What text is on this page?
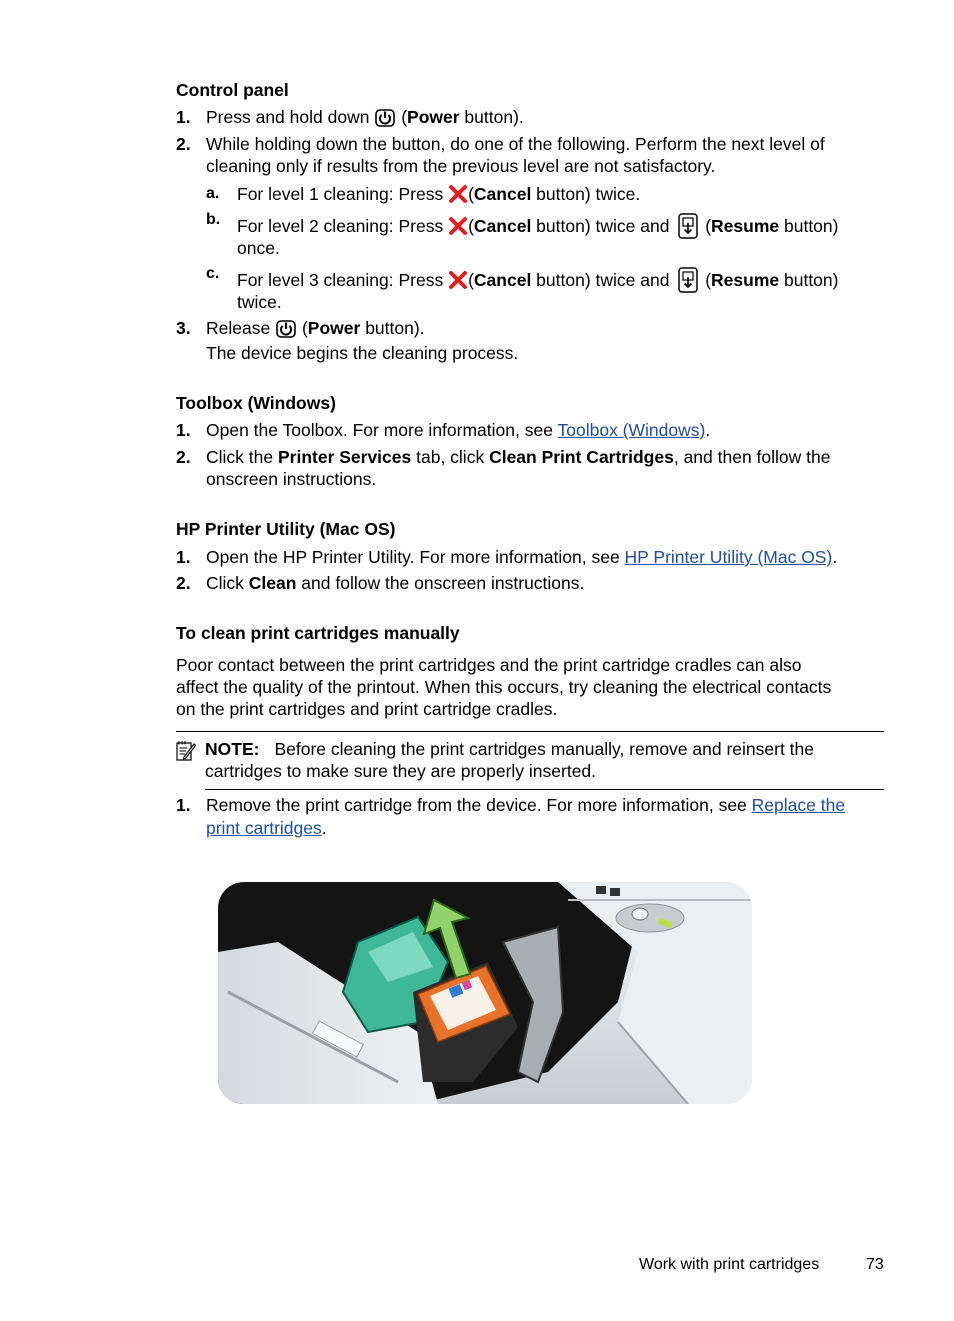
Control panel
1. Press and hold down (Power button).
2. While holding down the button, do one of the following. Perform the next level of
cleaning only if results from the previous level are not satisfactory.
a. For level 1 cleaning: Press (Cancel button) twice.
b. For level 2 cleaning: Press (Cancel button) twice and (Resume button)
once.
c. For level 3 cleaning: Press (Cancel button) twice and (Resume button)
twice.
3. Release (Power button).
The device begins the cleaning process.
Toolbox (Windows)
1. Open the Toolbox. For more information, see Toolbox (Windows).
2. Click the Printer Services tab, click Clean Print Cartridges, and then follow the
onscreen instructions.
HP Printer Utility (Mac OS)
1. Open the HP Printer Utility. For more information, see HP Printer Utility (Mac OS).
2. Click Clean and follow the onscreen instructions.
To clean print cartridges manually
Poor contact between the print cartridges and the print cartridge cradles can also
affect the quality of the printout. When this occurs, try cleaning the electrical contacts
on the print cartridges and print cartridge cradles.
NOTE: Before cleaning the print cartridges manually, remove and reinsert the
cartridges to make sure they are properly inserted.
1. Remove the print cartridge from the device. For more information, see Replace the
print cartridges.
Work with print cartridges	73
